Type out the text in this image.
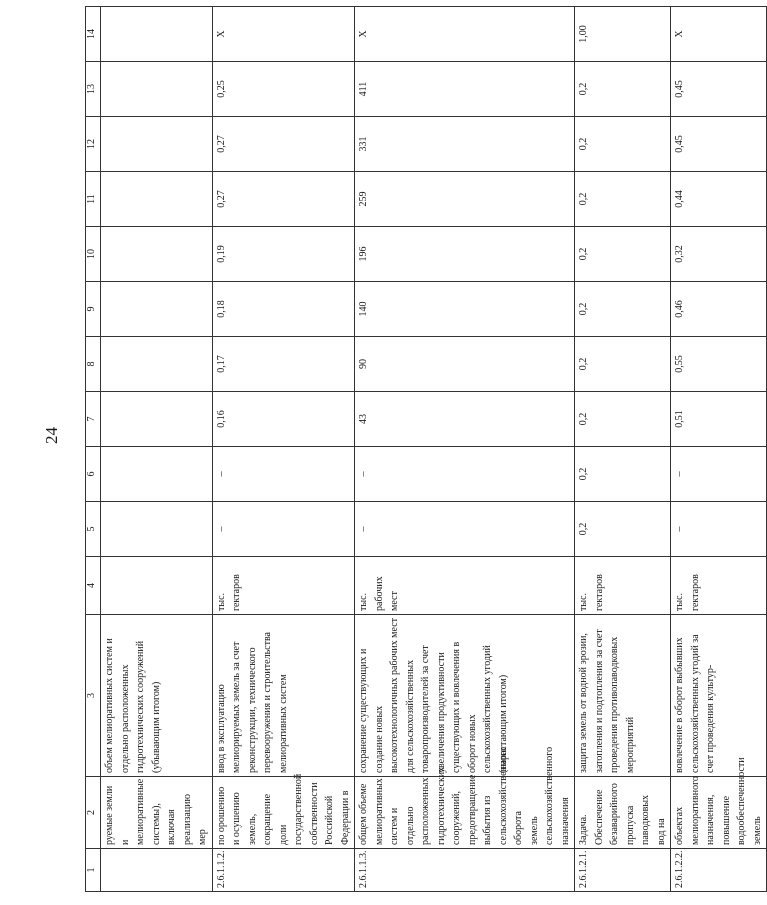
24
1	2	3	4	5	6	7	8	9	10	11	12	13	14
	руемые земли и мелиоративные системы), включая реализацию мер	объем мелиоративных систем и отдельно расположенных гидротехнических сооружений (убывающим итогом)											
2.6.1.1.2.	по орошению и осушению земель, сокращение доли государственной собственности Российской Федерации в	ввод в эксплуатацию мелиорируемых земель за счет реконструкции, технического перевооружения и строительства мелиоративных систем	тыс. гектаров	–	–	0,16	0,17	0,18	0,19	0,27	0,27	0,25	X
2.6.1.1.3.	общем объеме мелиоративных систем и отдельно расположенных гидротехнических сооружений, предотвращение выбытия из сельскохозяйственного оборота земель сельскохозяйственного назначения	сохранение существующих и создание новых высокотехнологичных рабочих мест для сельскохозяйственных товаропроизводителей за счет увеличения продуктивности существующих и вовлечения в оборот новых сельскохозяйственных угодий (нарастающим итогом)	тыс. рабочих мест	–	–	43	90	140	196	259	331	411	X
2.6.1.2.1.	Задача. Обеспечение безаварийного пропуска паводковых вод на	защита земель от водной эрозии, затопления и подтопления за счет проведения противопаводковых мероприятий	тыс. гектаров	0,2	0,2	0,2	0,2	0,2	0,2	0,2	0,2	0,2	1,00
2.6.1.2.2.	объектах мелиоративного назначения, повышение водообеспеченности земель	вовлечение в оборот выбывших сельскохозяйственных угодий за счет проведения культур-	тыс. гектаров	–	–	0,51	0,55	0,46	0,32	0,44	0,45	0,45	X
